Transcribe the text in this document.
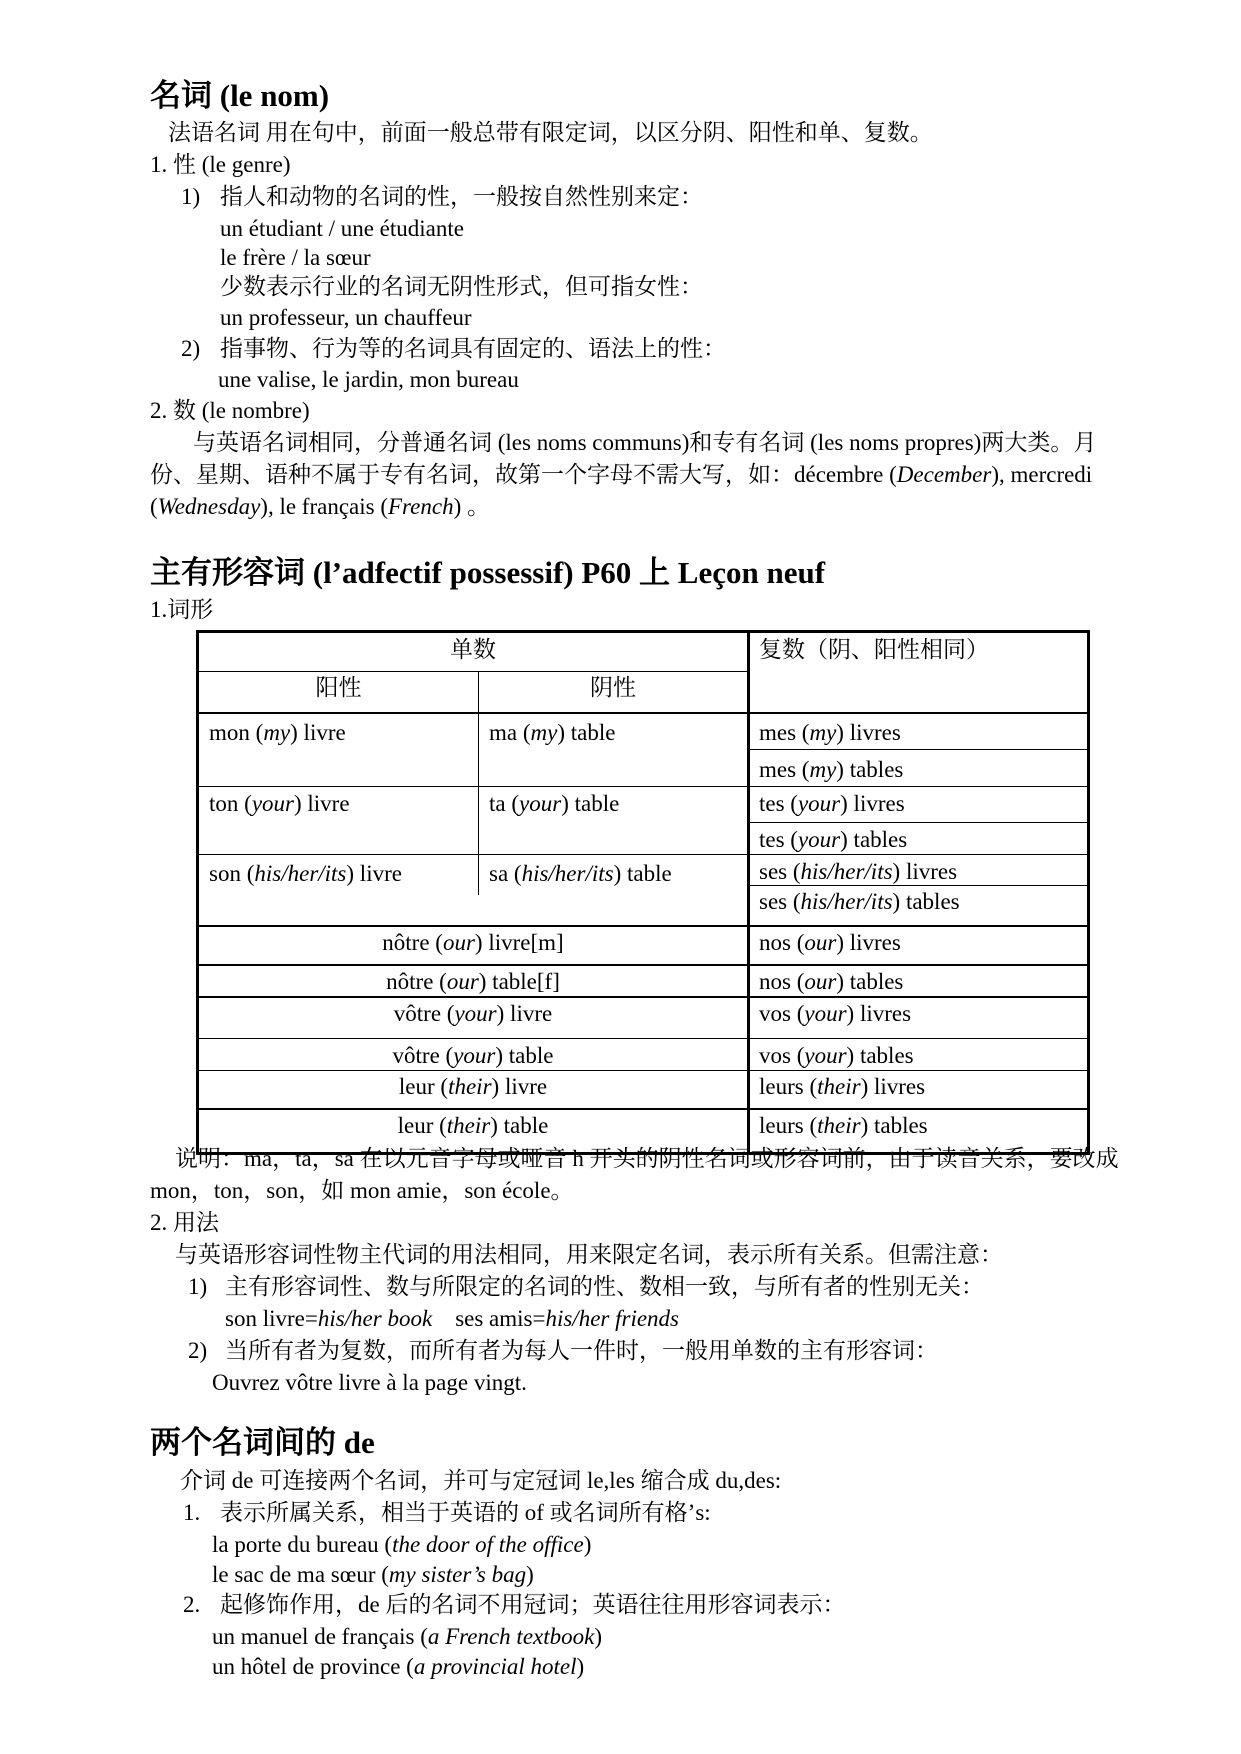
名词 (le nom)
法语名词 用在句中，前面一般总带有限定词，以区分阴、阳性和单、复数。
1. 性 (le genre)
1) 指人和动物的名词的性，一般按自然性别来定：
un étudiant / une étudiante
le frère / la sœur
少数表示行业的名词无阴性形式，但可指女性：
un professeur, un chauffeur
2) 指事物、行为等的名词具有固定的、语法上的性：
une valise, le jardin, mon bureau
2. 数 (le nombre)
与英语名词相同，分普通名词 (les noms communs)和专有名词 (les noms propres)两大类。月
份、星期、语种不属于专有名词，故第一个字母不需大写，如：décembre (December), mercredi
(Wednesday), le français (French) 。
主有形容词 (l’adfectif possessif) P60 上 Leçon neuf
1.词形
单数	复数（阴、阳性相同）
阳性	阴性
mon (my) livre	ma (my) table	mes (my) livres
mes (my) tables
ton (your) livre	ta (your) table	tes (your) livres
tes (your) tables
son (his/her/its) livre	sa (his/her/its) table	ses (his/her/its) livres
ses (his/her/its) tables
nôtre (our) livre[m]	nos (our) livres
nôtre (our) table[f]	nos (our) tables
vôtre (your) livre	vos (your) livres
vôtre (your) table	vos (your) tables
leur (their) livre	leurs (their) livres
leur (their) table	leurs (their) tables
说明：ma，ta，sa 在以元音字母或哑音 h 开头的阴性名词或形容词前，由于读音关系，要改成
mon，ton，son，如 mon amie，son école。
2. 用法
与英语形容词性物主代词的用法相同，用来限定名词，表示所有关系。但需注意：
1) 主有形容词性、数与所限定的名词的性、数相一致，与所有者的性别无关：
son livre=his/her book ses amis=his/her friends
2) 当所有者为复数，而所有者为每人一件时，一般用单数的主有形容词：
Ouvrez vôtre livre à la page vingt.
两个名词间的 de
介词 de 可连接两个名词，并可与定冠词 le,les 缩合成 du,des:
1. 表示所属关系，相当于英语的 of 或名词所有格’s:
la porte du bureau (the door of the office)
le sac de ma sœur (my sister’s bag)
2. 起修饰作用，de 后的名词不用冠词；英语往往用形容词表示：
un manuel de français (a French textbook)
un hôtel de province (a provincial hotel)
